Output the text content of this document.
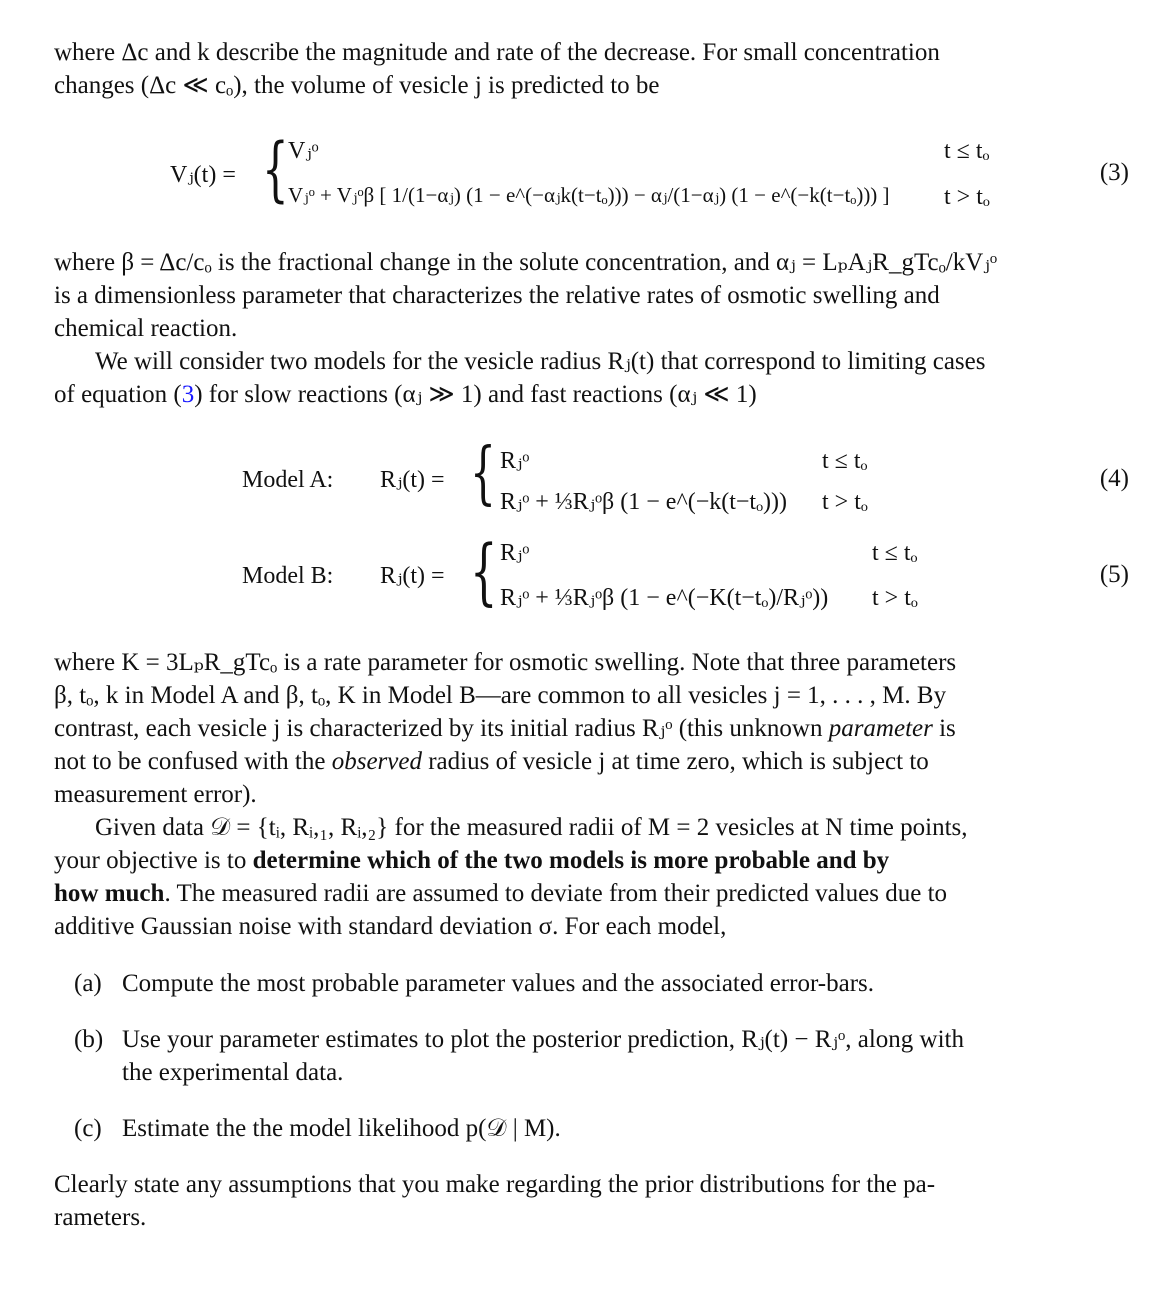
where Δc and k describe the magnitude and rate of the decrease. For small concentration
changes (Δc ≪ cₒ), the volume of vesicle j is predicted to be
Vⱼ(t) = { Vⱼᵒ	t ≤ tₒ
Vⱼᵒ + Vⱼᵒβ [ 1/(1−αⱼ) (1 − e^(−αⱼk(t−tₒ))) − αⱼ/(1−αⱼ) (1 − e^(−k(t−tₒ))) ] t > tₒ
(3)
where β = Δc/cₒ is the fractional change in the solute concentration, and αⱼ = LₚAⱼR_gTcₒ/kVⱼᵒ
is a dimensionless parameter that characterizes the relative rates of osmotic swelling and
chemical reaction.
We will consider two models for the vesicle radius Rⱼ(t) that correspond to limiting cases
of equation (3) for slow reactions (αⱼ ≫ 1) and fast reactions (αⱼ ≪ 1)
Model A: Rⱼ(t) = { Rⱼᵒ	t ≤ tₒ
Rⱼᵒ + ⅓Rⱼᵒβ (1 − e^(−k(t−tₒ))) t > tₒ
(4)
Model B: Rⱼ(t) = { Rⱼᵒ	t ≤ tₒ
Rⱼᵒ + ⅓Rⱼᵒβ (1 − e^(−K(t−tₒ)/Rⱼᵒ)) t > tₒ
(5)
where K = 3LₚR_gTcₒ is a rate parameter for osmotic swelling. Note that three parameters
β, tₒ, k in Model A and β, tₒ, K in Model B—are common to all vesicles j = 1, . . . , M. By
contrast, each vesicle j is characterized by its initial radius Rⱼᵒ (this unknown parameter is
not to be confused with the observed radius of vesicle j at time zero, which is subject to
measurement error).
Given data 𝒟 = {tᵢ, Rᵢ,₁, Rᵢ,₂} for the measured radii of M = 2 vesicles at N time points,
your objective is to determine which of the two models is more probable and by
how much. The measured radii are assumed to deviate from their predicted values due to
additive Gaussian noise with standard deviation σ. For each model,
(a) Compute the most probable parameter values and the associated error-bars.
(b) Use your parameter estimates to plot the posterior prediction, Rⱼ(t) − Rⱼᵒ, along with
the experimental data.
(c) Estimate the the model likelihood p(𝒟 | M).
Clearly state any assumptions that you make regarding the prior distributions for the pa-
rameters.
